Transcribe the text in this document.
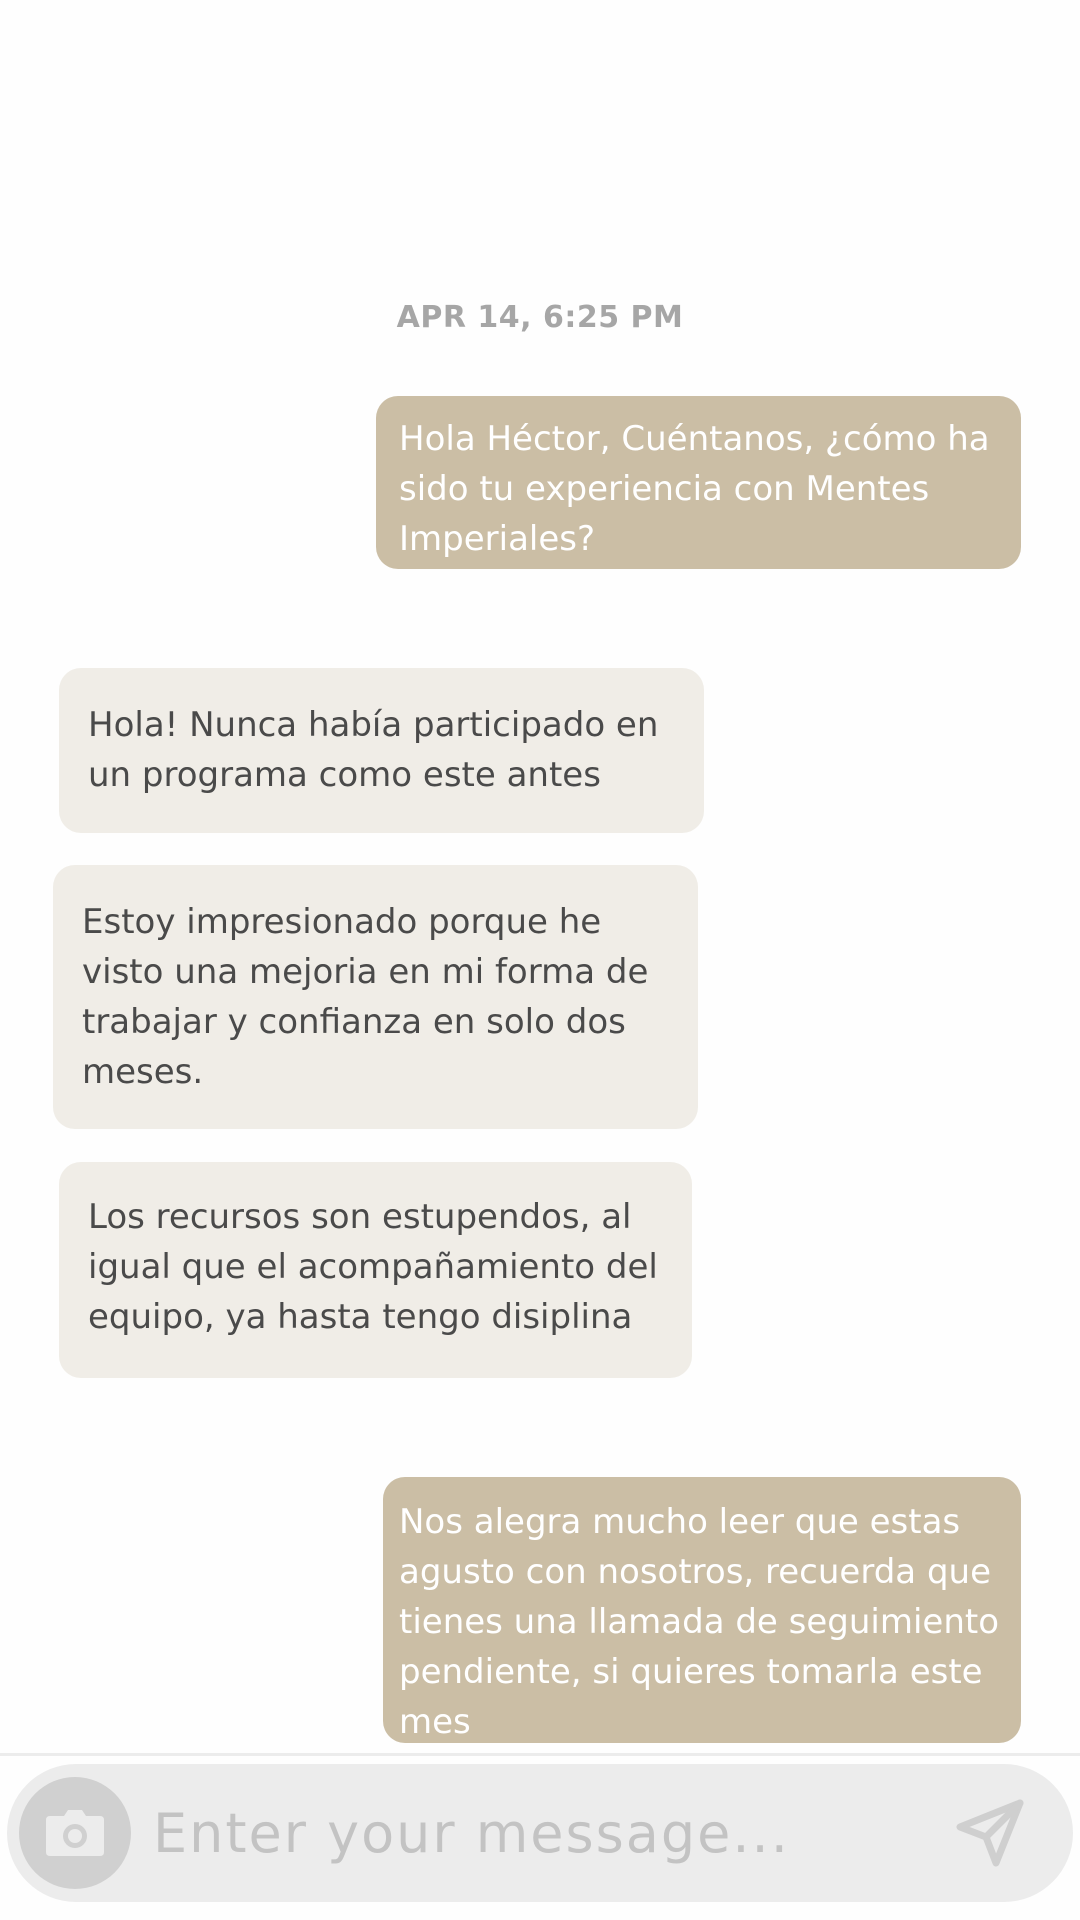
APR 14, 6:25 PM
Hola Héctor, Cuéntanos, ¿cómo ha sido tu experiencia con Mentes Imperiales?
Hola! Nunca había participado en un programa como este antes
Estoy impresionado porque he visto una mejoria en mi forma de trabajar y confianza en solo dos meses.
Los recursos son estupendos, al igual que el acompañamiento del equipo, ya hasta tengo disiplina
Nos alegra mucho leer que estas agusto con nosotros, recuerda que tienes una llamada de seguimiento pendiente, si quieres tomarla este mes
Enter your message...
